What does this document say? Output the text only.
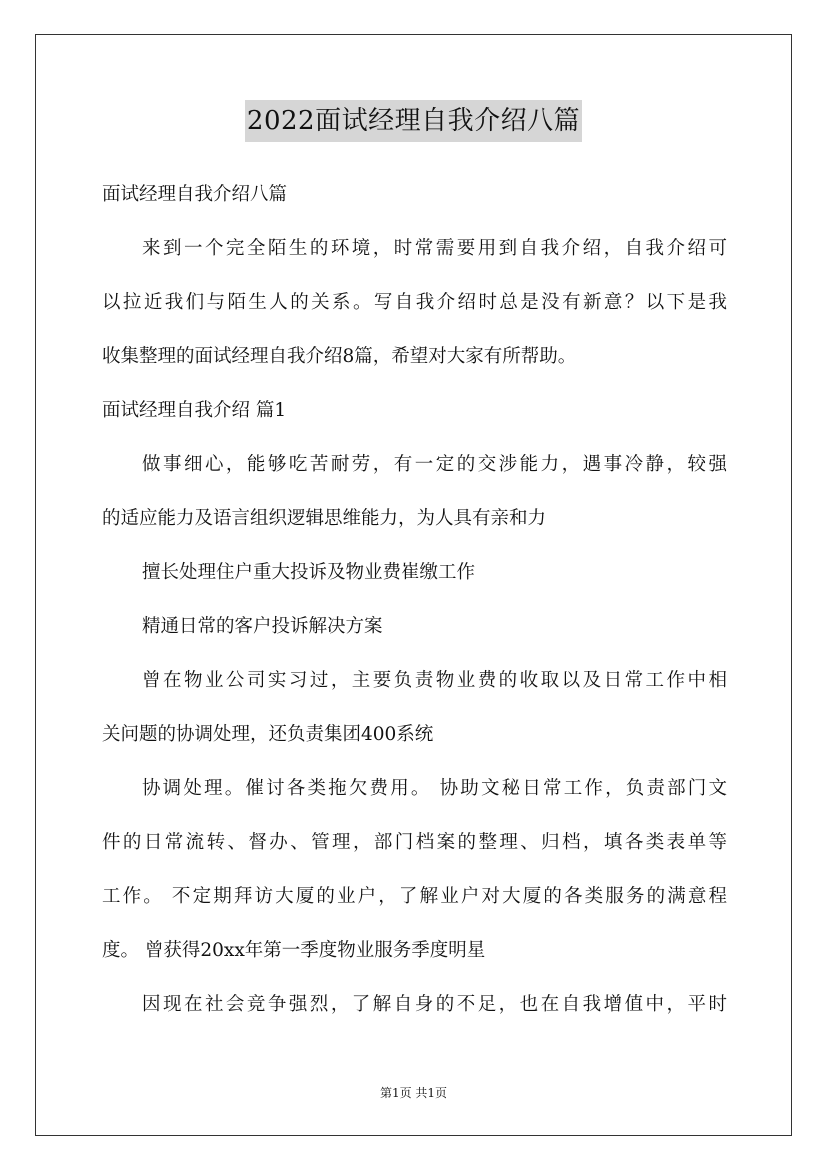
2022面试经理自我介绍八篇
面试经理自我介绍八篇
来到一个完全陌生的环境，时常需要用到自我介绍，自我介绍可
以拉近我们与陌生人的关系。写自我介绍时总是没有新意？以下是我
收集整理的面试经理自我介绍8篇，希望对大家有所帮助。
面试经理自我介绍 篇1
做事细心，能够吃苦耐劳，有一定的交涉能力，遇事冷静，较强
的适应能力及语言组织逻辑思维能力，为人具有亲和力
擅长处理住户重大投诉及物业费崔缴工作
精通日常的客户投诉解决方案
曾在物业公司实习过，主要负责物业费的收取以及日常工作中相
关问题的协调处理，还负责集团400系统
协调处理。催讨各类拖欠费用。 协助文秘日常工作，负责部门文
件的日常流转、督办、管理，部门档案的整理、归档，填各类表单等
工作。 不定期拜访大厦的业户，了解业户对大厦的各类服务的满意程
度。 曾获得20xx年第一季度物业服务季度明星
因现在社会竞争强烈，了解自身的不足，也在自我增值中，平时
第1页 共1页
